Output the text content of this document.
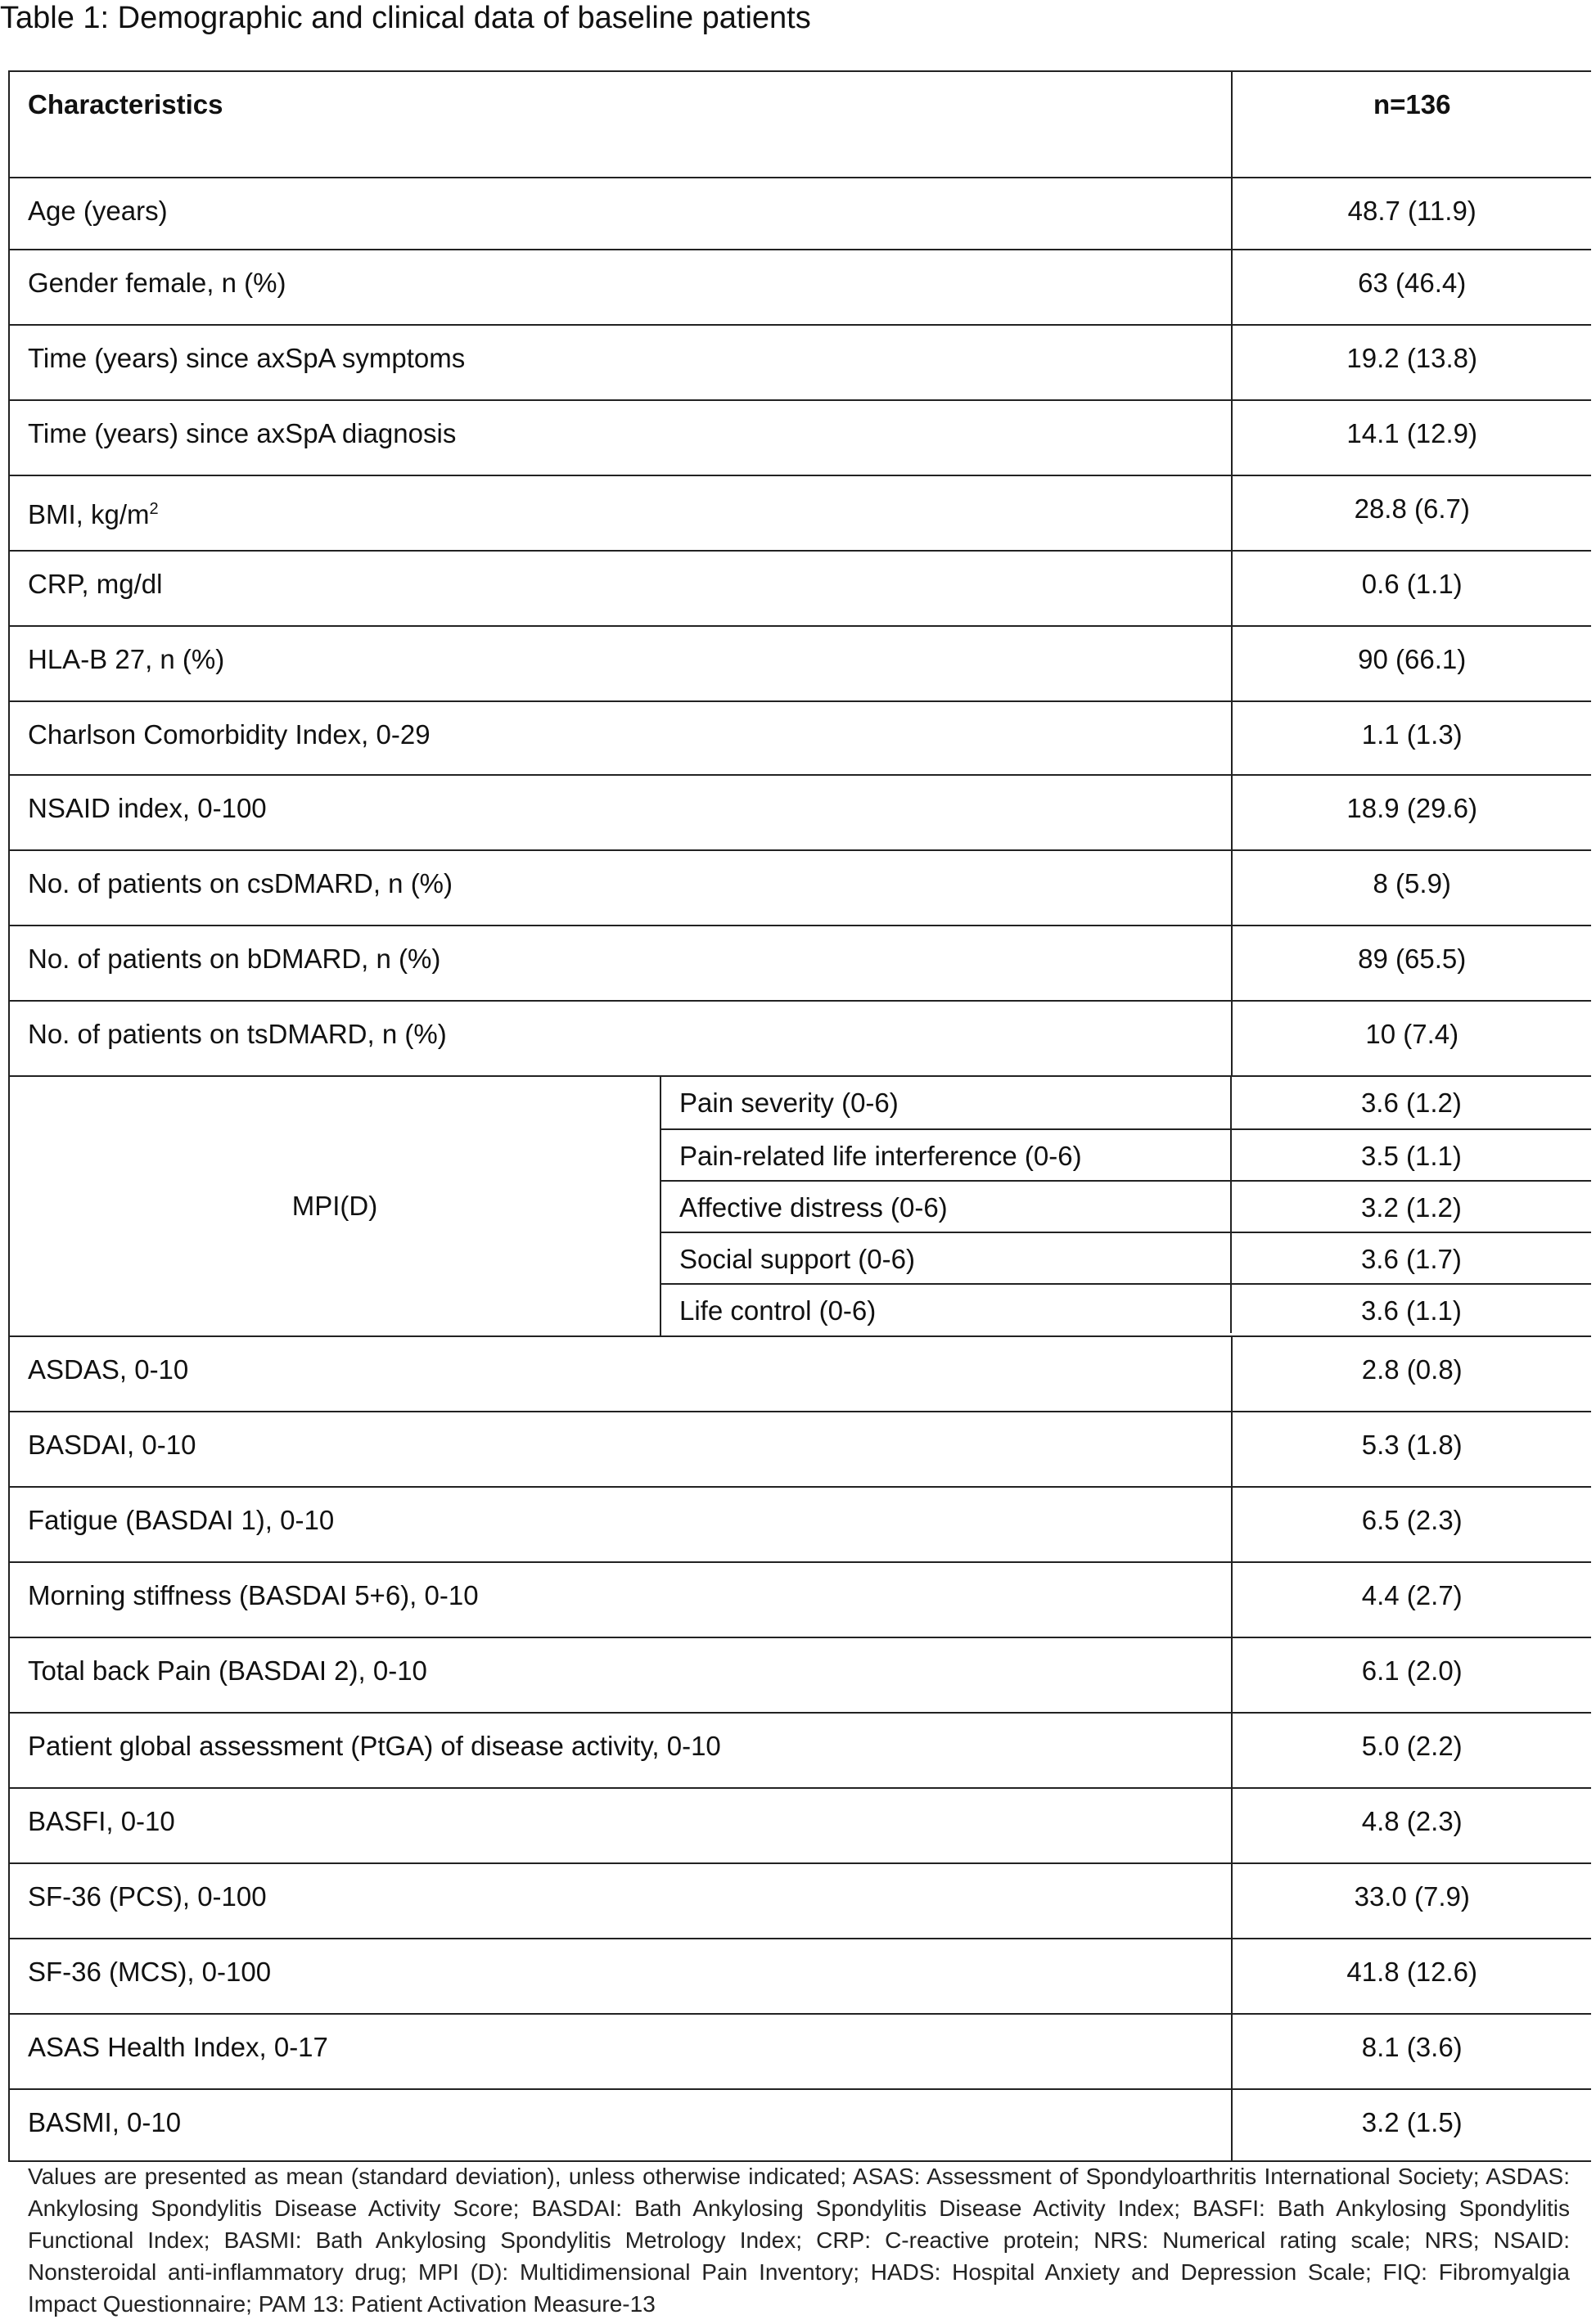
Table 1: Demographic and clinical data of baseline patients
Characteristics	n=136
Age (years)	48.7 (11.9)
Gender female, n (%)	63 (46.4)
Time (years) since axSpA symptoms	19.2 (13.8)
Time (years) since axSpA diagnosis	14.1 (12.9)
BMI, $kg/m^2$	28.8 (6.7)
CRP, mg/dl	0.6 (1.1)
HLA-B 27, n (%)	90 (66.1)
Charlson Comorbidity Index, 0-29	1.1 (1.3)
NSAID index, 0-100	18.9 (29.6)
No. of patients on csDMARD, n (%)	8 (5.9)
No. of patients on bDMARD, n (%)	89 (65.5)
No. of patients on tsDMARD, n (%)	10 (7.4)
MPI(D)
Pain severity (0-6)	3.6 (1.2)
Pain-related life interference (0-6)	3.5 (1.1)
Affective distress (0-6)	3.2 (1.2)
Social support (0-6)	3.6 (1.7)
Life control (0-6)	3.6 (1.1)
ASDAS, 0-10	2.8 (0.8)
BASDAI, 0-10	5.3 (1.8)
Fatigue (BASDAI 1), 0-10	6.5 (2.3)
Morning stiffness (BASDAI 5+6), 0-10	4.4 (2.7)
Total back Pain (BASDAI 2), 0-10	6.1 (2.0)
Patient global assessment (PtGA) of disease activity, 0-10	5.0 (2.2)
BASFI, 0-10	4.8 (2.3)
SF-36 (PCS), 0-100	33.0 (7.9)
SF-36 (MCS), 0-100	41.8 (12.6)
ASAS Health Index, 0-17	8.1 (3.6)
BASMI, 0-10	3.2 (1.5)
Values are presented as mean (standard deviation), unless otherwise indicated; ASAS: Assessment of Spondyloarthritis International Society; ASDAS: Ankylosing Spondylitis Disease Activity Score; BASDAI: Bath Ankylosing Spondylitis Disease Activity Index; BASFI: Bath Ankylosing Spondylitis Functional Index; BASMI: Bath Ankylosing Spondylitis Metrology Index; CRP: C-reactive protein; NRS: Numerical rating scale; NRS; NSAID: Nonsteroidal anti-inflammatory drug; MPI (D): Multidimensional Pain Inventory; HADS: Hospital Anxiety and Depression Scale; FIQ: Fibromyalgia Impact Questionnaire; PAM 13: Patient Activation Measure-13
